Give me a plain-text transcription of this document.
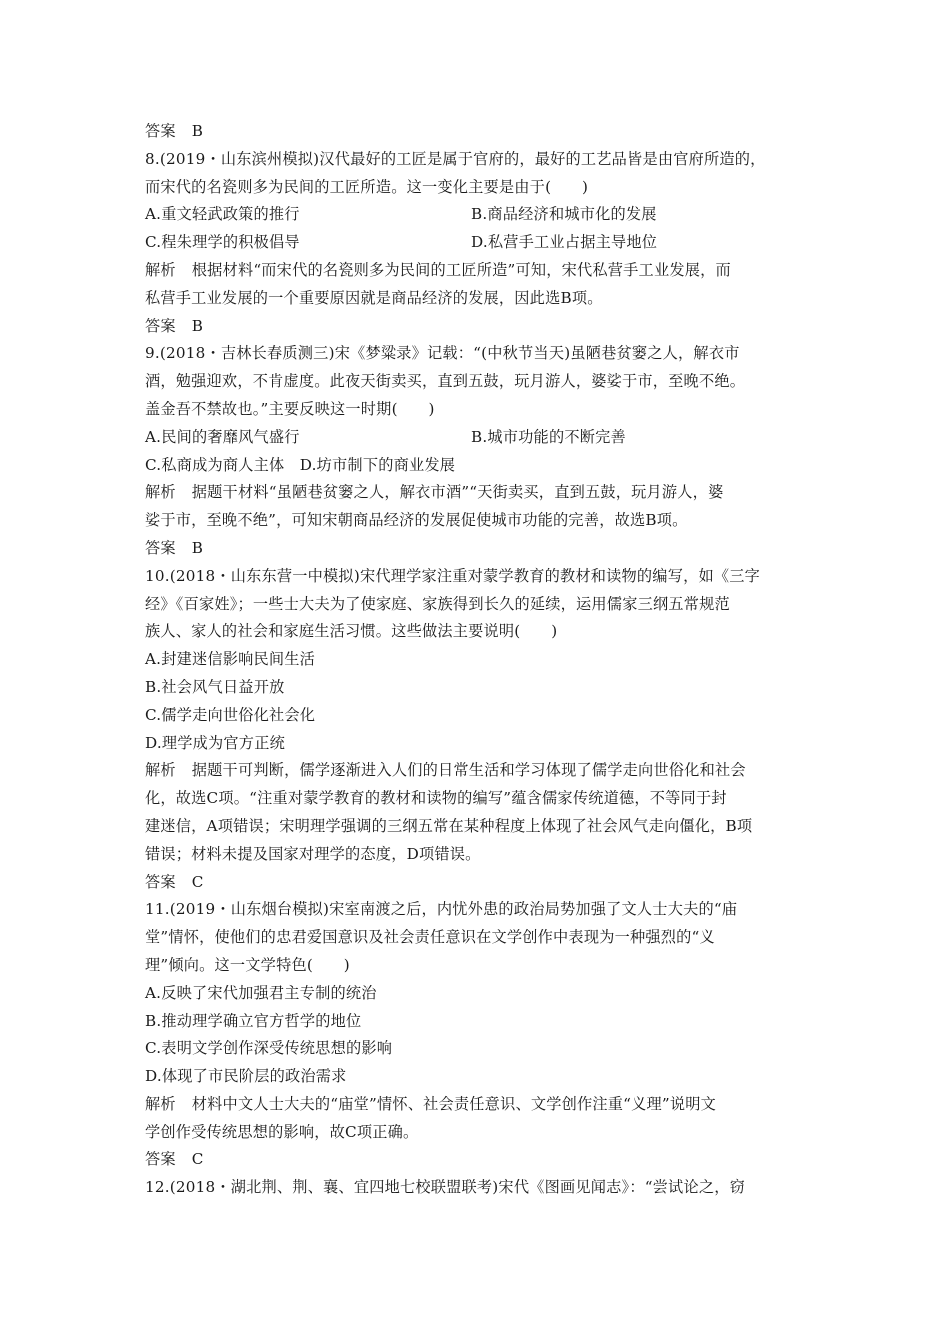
答案 B
8.(2019・山东滨州模拟)汉代最好的工匠是属于官府的，最好的工艺品皆是由官府所造的，
而宋代的名瓷则多为民间的工匠所造。这一变化主要是由于(　　)
A.重文轻武政策的推行	B.商品经济和城市化的发展
C.程朱理学的积极倡导	D.私营手工业占据主导地位
解析 根据材料“而宋代的名瓷则多为民间的工匠所造”可知，宋代私营手工业发展，而
私营手工业发展的一个重要原因就是商品经济的发展，因此选B项。
答案 B
9.(2018・吉林长春质测三)宋《梦粱录》记载：“(中秋节当天)虽陋巷贫窭之人，解衣市
酒，勉强迎欢，不肯虚度。此夜天街卖买，直到五鼓，玩月游人，婆娑于市，至晚不绝。
盖金吾不禁故也。”主要反映这一时期(　　)
A.民间的奢靡风气盛行	B.城市功能的不断完善
C.私商成为商人主体　D.坊市制下的商业发展
解析 据题干材料“虽陋巷贫窭之人，解衣市酒”“天街卖买，直到五鼓，玩月游人，婆
娑于市，至晚不绝”，可知宋朝商品经济的发展促使城市功能的完善，故选B项。
答案 B
10.(2018・山东东营一中模拟)宋代理学家注重对蒙学教育的教材和读物的编写，如《三字
经》《百家姓》；一些士大夫为了使家庭、家族得到长久的延续，运用儒家三纲五常规范
族人、家人的社会和家庭生活习惯。这些做法主要说明(　　)
A.封建迷信影响民间生活
B.社会风气日益开放
C.儒学走向世俗化社会化
D.理学成为官方正统
解析 据题干可判断，儒学逐渐进入人们的日常生活和学习体现了儒学走向世俗化和社会
化，故选C项。“注重对蒙学教育的教材和读物的编写”蕴含儒家传统道德，不等同于封
建迷信，A项错误；宋明理学强调的三纲五常在某种程度上体现了社会风气走向僵化，B项
错误；材料未提及国家对理学的态度，D项错误。
答案 C
11.(2019・山东烟台模拟)宋室南渡之后，内忧外患的政治局势加强了文人士大夫的“庙
堂”情怀，使他们的忠君爱国意识及社会责任意识在文学创作中表现为一种强烈的“义
理”倾向。这一文学特色(　　)
A.反映了宋代加强君主专制的统治
B.推动理学确立官方哲学的地位
C.表明文学创作深受传统思想的影响
D.体现了市民阶层的政治需求
解析 材料中文人士大夫的“庙堂”情怀、社会责任意识、文学创作注重“义理”说明文
学创作受传统思想的影响，故C项正确。
答案 C
12.(2018・湖北荆、荆、襄、宜四地七校联盟联考)宋代《图画见闻志》：“尝试论之，窃
